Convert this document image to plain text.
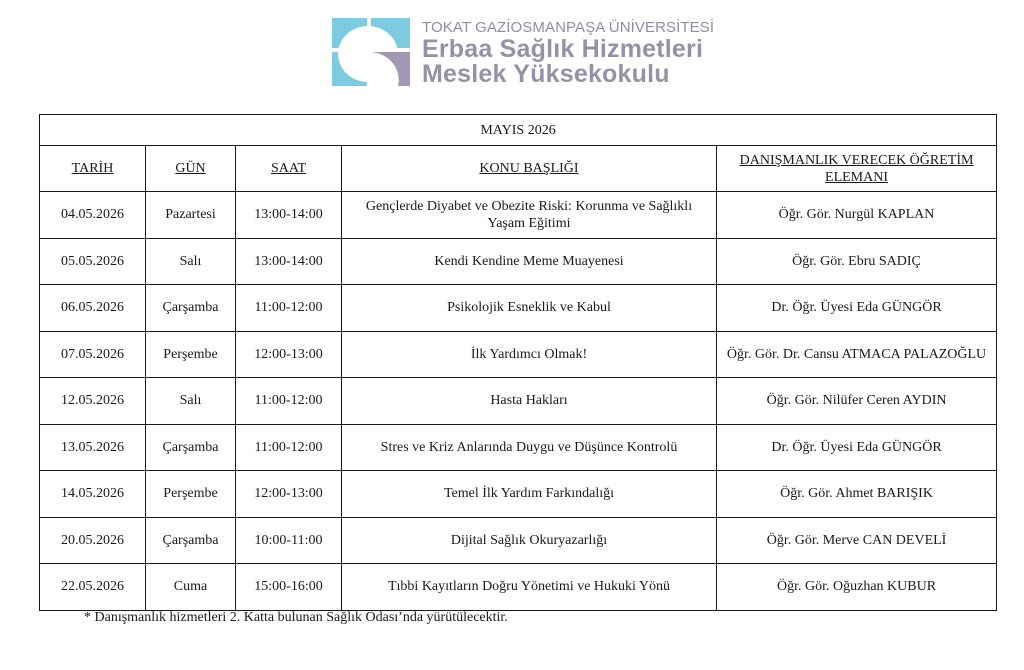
TOKAT GAZİOSMANPAŞA ÜNİVERSİTESİ
Erbaa Sağlık Hizmetleri
Meslek Yüksekokulu
MAYIS 2026				
TARİH	GÜN	SAAT	KONU BAŞLIĞI	DANIŞMANLIK VERECEK ÖĞRETİM ELEMANI
04.05.2026	Pazartesi	13:00-14:00	Gençlerde Diyabet ve Obezite Riski: Korunma ve Sağlıklı Yaşam Eğitimi	Öğr. Gör. Nurgül KAPLAN
05.05.2026	Salı	13:00-14:00	Kendi Kendine Meme Muayenesi	Öğr. Gör. Ebru SADIÇ
06.05.2026	Çarşamba	11:00-12:00	Psikolojik Esneklik ve Kabul	Dr. Öğr. Üyesi Eda GÜNGÖR
07.05.2026	Perşembe	12:00-13:00	İlk Yardımcı Olmak!	Öğr. Gör. Dr. Cansu ATMACA PALAZOĞLU
12.05.2026	Salı	11:00-12:00	Hasta Hakları	Öğr. Gör. Nilüfer Ceren AYDIN
13.05.2026	Çarşamba	11:00-12:00	Stres ve Kriz Anlarında Duygu ve Düşünce Kontrolü	Dr. Öğr. Üyesi Eda GÜNGÖR
14.05.2026	Perşembe	12:00-13:00	Temel İlk Yardım Farkındalığı	Öğr. Gör. Ahmet BARIŞIK
20.05.2026	Çarşamba	10:00-11:00	Dijital Sağlık Okuryazarlığı	Öğr. Gör. Merve CAN DEVELİ
22.05.2026	Cuma	15:00-16:00	Tıbbi Kayıtların Doğru Yönetimi ve Hukuki Yönü	Öğr. Gör. Oğuzhan KUBUR
* Danışmanlık hizmetleri 2. Katta bulunan Sağlık Odası’nda yürütülecektir.
